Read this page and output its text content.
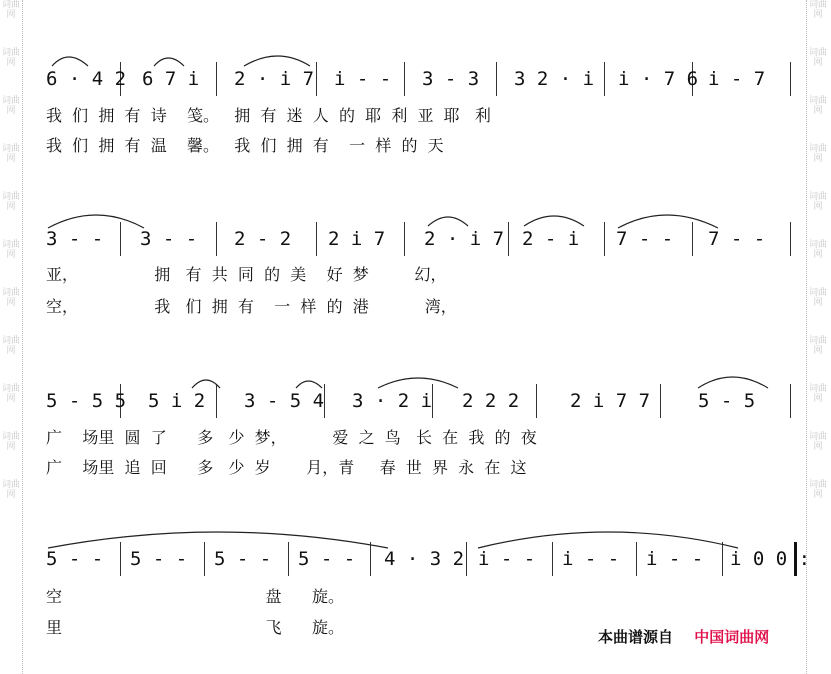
词曲网
词曲网
词曲网
词曲网
词曲网
词曲网
词曲网
词曲网
词曲网
词曲网
词曲网
词曲网
词曲网
词曲网
词曲网
词曲网
词曲网
词曲网
词曲网
词曲网
词曲网
词曲网
6 · 4 2 6 7 i 2 · i 7 i - - 3 - 3 3 2 · i i · 7 6 i - 7
我  们  拥  有  诗    笺。   拥  有  迷  人  的  耶  利  亚  耶   利
我  们  拥  有  温    馨。   我  们  拥  有    一  样  的  天
3 - - 3 - - 2 - 2 2 i 7 2 · i 7 2 - i 7 - - 7 - -
亚，               拥   有  共  同  的  美    好  梦         幻，
空，               我   们  拥  有    一  样  的  港           湾，
5 - 5 5 5 i 2 3 - 5 4 3 · 2 i 2 2 2	2 i 7 7	5 - 5
广    场里  圆  了      多   少  梦，         爱  之  鸟   长  在  我  的  夜
广    场里  追  回      多   少  岁       月，青     春  世  界  永  在  这
5 - - 5 - - 5 - - 5 - - 4 · 3 2 i - - i - - i - - i 0 0 :
空                                        盘      旋。
里                                        飞      旋。	本曲谱源自 中国词曲网
